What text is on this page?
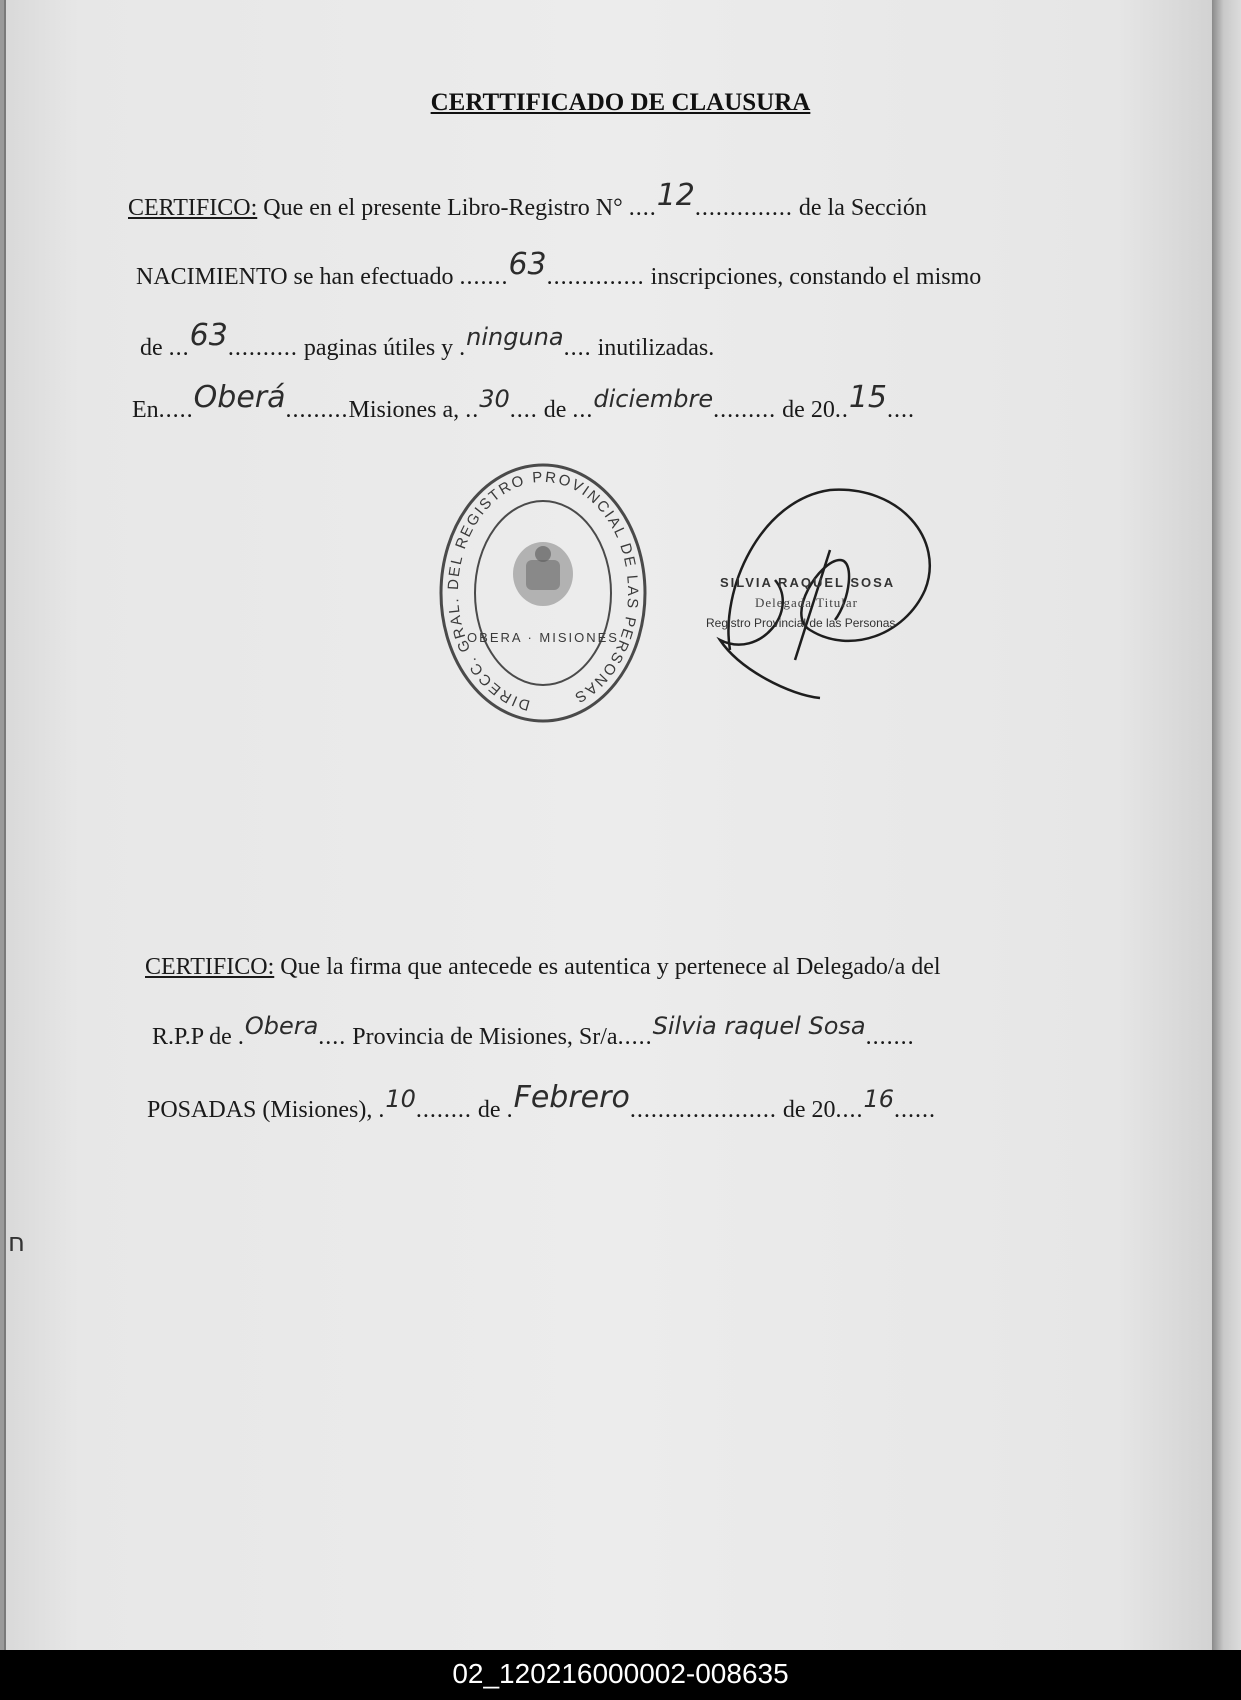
CERTTIFICADO DE CLAUSURA
CERTIFICO: Que en el presente Libro-Registro N° ....12.............. de la Sección
NACIMIENTO se han efectuado .......63.............. inscripciones, constando el mismo
de ...63.......... paginas útiles y .ninguna.... inutilizadas.
En.....Oberá.........Misiones a, ..30.... de ...diciembre......... de 20..15....
DIRECC. GRAL. DEL REGISTRO PROVINCIAL DE LAS PERSONAS
OBERA · MISIONES
SILVIA RAQUEL SOSA
Delegada Titular
Registro Provincial de las Personas
CERTIFICO: Que la firma que antecede es autentica y pertenece al Delegado/a del
R.P.P de .Obera.... Provincia de Misiones, Sr/a.....Silvia raquel Sosa.......
POSADAS (Misiones), .10........ de .Febrero..................... de 20....16......
ח
02_120216000002-008635
